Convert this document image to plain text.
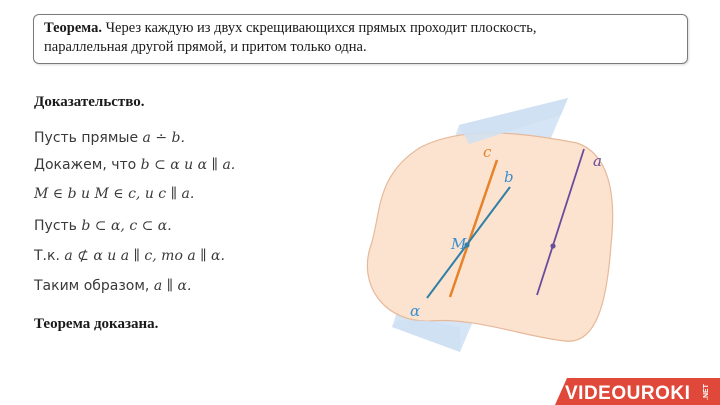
Теорема. Через каждую из двух скрещивающихся прямых проходит плоскость,
параллельная другой прямой, и притом только одна.
Доказательство.
Пусть прямые a ∸ b.
Докажем, что b ⊂ α и α ∥ a.
M ∈ b и M ∈ c, и c ∥ a.
Пусть b ⊂ α, c ⊂ α.
Т.к. a ⊄ α и a ∥ c, то a ∥ α.
Таким образом, a ∥ α.
Теорема доказана.
c
b
a
M
α
VIDEOUROKI .NET
